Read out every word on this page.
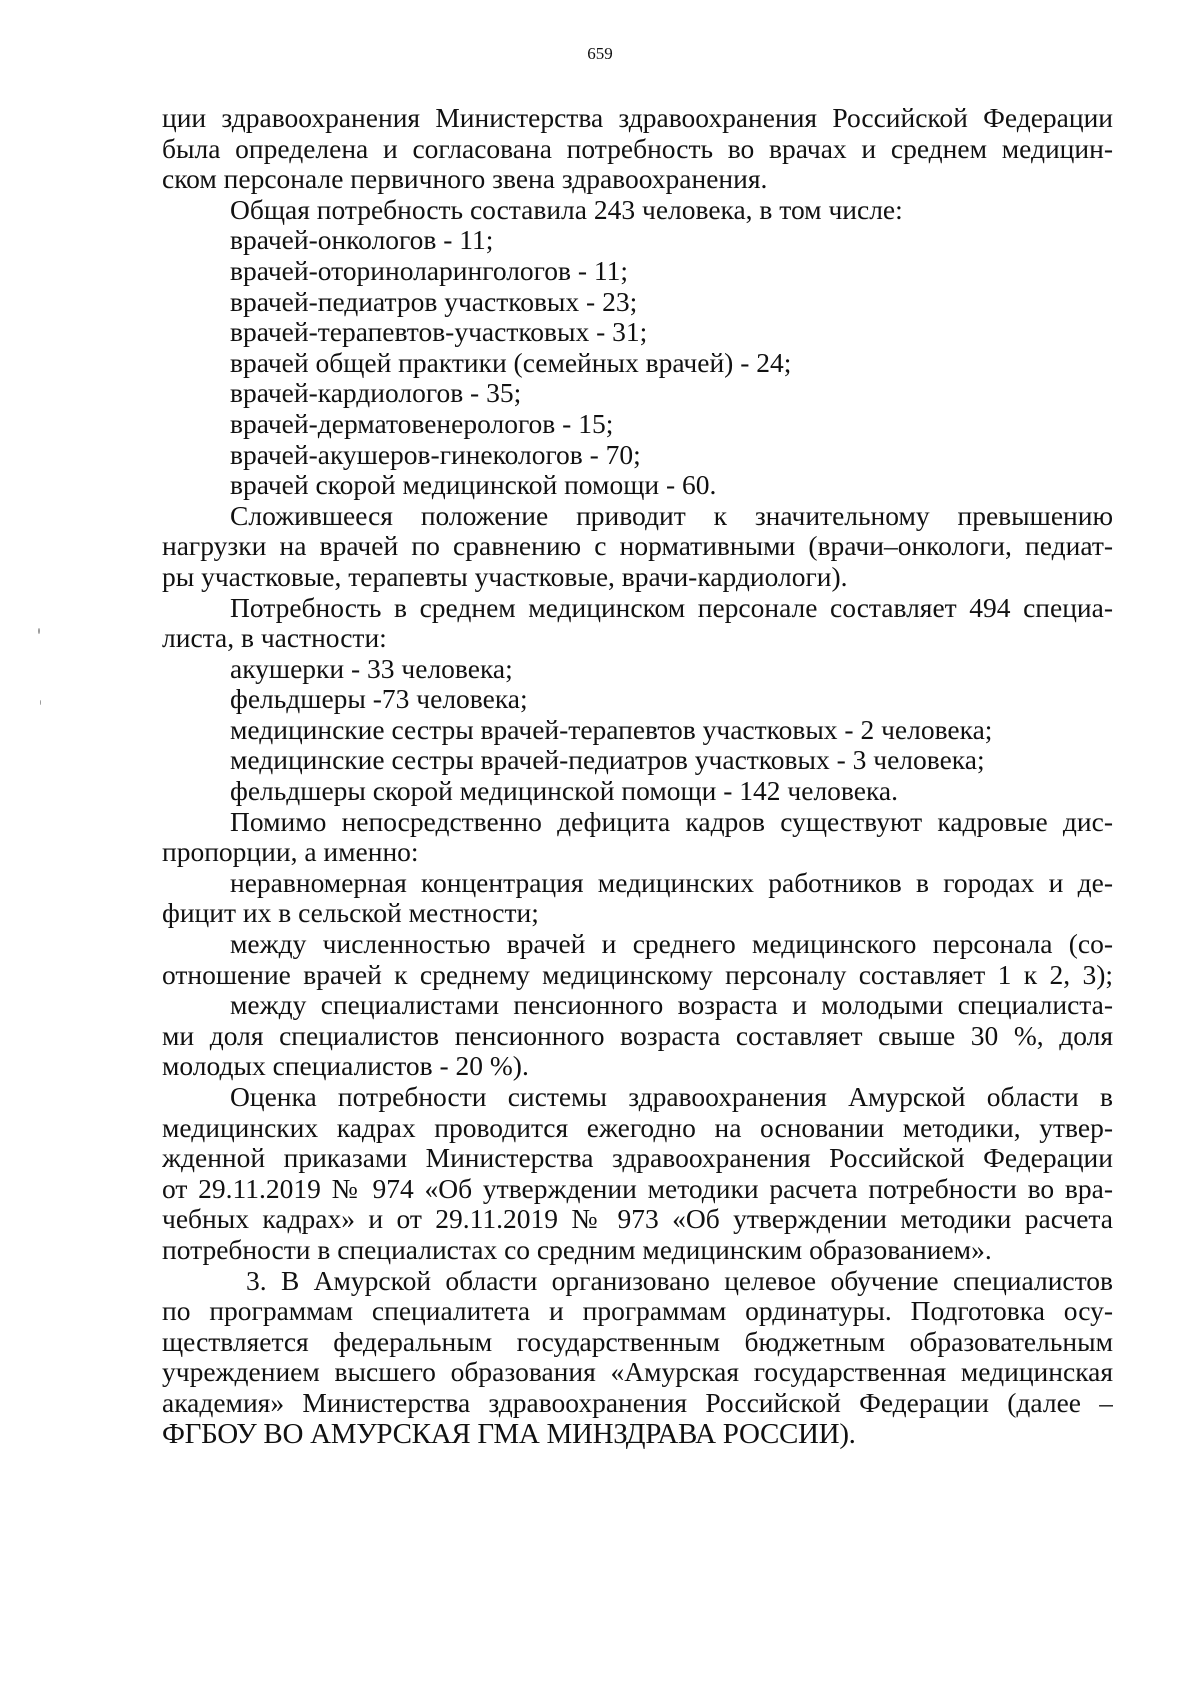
659
ции здравоохранения Министерства здравоохранения Российской Федерации
была определена и согласована потребность во врачах и среднем медицин-
ском персонале первичного звена здравоохранения.
Общая потребность составила 243 человека, в том числе:
врачей-онкологов - 11;
врачей-оториноларингологов - 11;
врачей-педиатров участковых - 23;
врачей-терапевтов-участковых - 31;
врачей общей практики (семейных врачей) - 24;
врачей-кардиологов - 35;
врачей-дерматовенерологов - 15;
врачей-акушеров-гинекологов - 70;
врачей скорой медицинской помощи - 60.
Сложившееся положение приводит к значительному превышению
нагрузки на врачей по сравнению с нормативными (врачи–онкологи, педиат-
ры участковые, терапевты участковые, врачи-кардиологи).
Потребность в среднем медицинском персонале составляет 494 специа-
листа, в частности:
акушерки - 33 человека;
фельдшеры -73 человека;
медицинские сестры врачей-терапевтов участковых - 2 человека;
медицинские сестры врачей-педиатров участковых - 3 человека;
фельдшеры скорой медицинской помощи - 142 человека.
Помимо непосредственно дефицита кадров существуют кадровые дис-
пропорции, а именно:
неравномерная концентрация медицинских работников в городах и де-
фицит их в сельской местности;
между численностью врачей и среднего медицинского персонала (со-
отношение врачей к среднему медицинскому персоналу составляет 1 к 2, 3);
между специалистами пенсионного возраста и молодыми специалиста-
ми доля специалистов пенсионного возраста составляет свыше 30 %, доля
молодых специалистов - 20 %).
Оценка потребности системы здравоохранения Амурской области в
медицинских кадрах проводится ежегодно на основании методики, утвер-
жденной приказами Министерства здравоохранения Российской Федерации
от 29.11.2019 № 974 «Об утверждении методики расчета потребности во вра-
чебных кадрах» и от 29.11.2019 № 973 «Об утверждении методики расчета
потребности в специалистах со средним медицинским образованием».
3. В Амурской области организовано целевое обучение специалистов
по программам специалитета и программам ординатуры. Подготовка осу-
ществляется федеральным государственным бюджетным образовательным
учреждением высшего образования «Амурская государственная медицинская
академия» Министерства здравоохранения Российской Федерации (далее –
ФГБОУ ВО АМУРСКАЯ ГМА МИНЗДРАВА РОССИИ).
